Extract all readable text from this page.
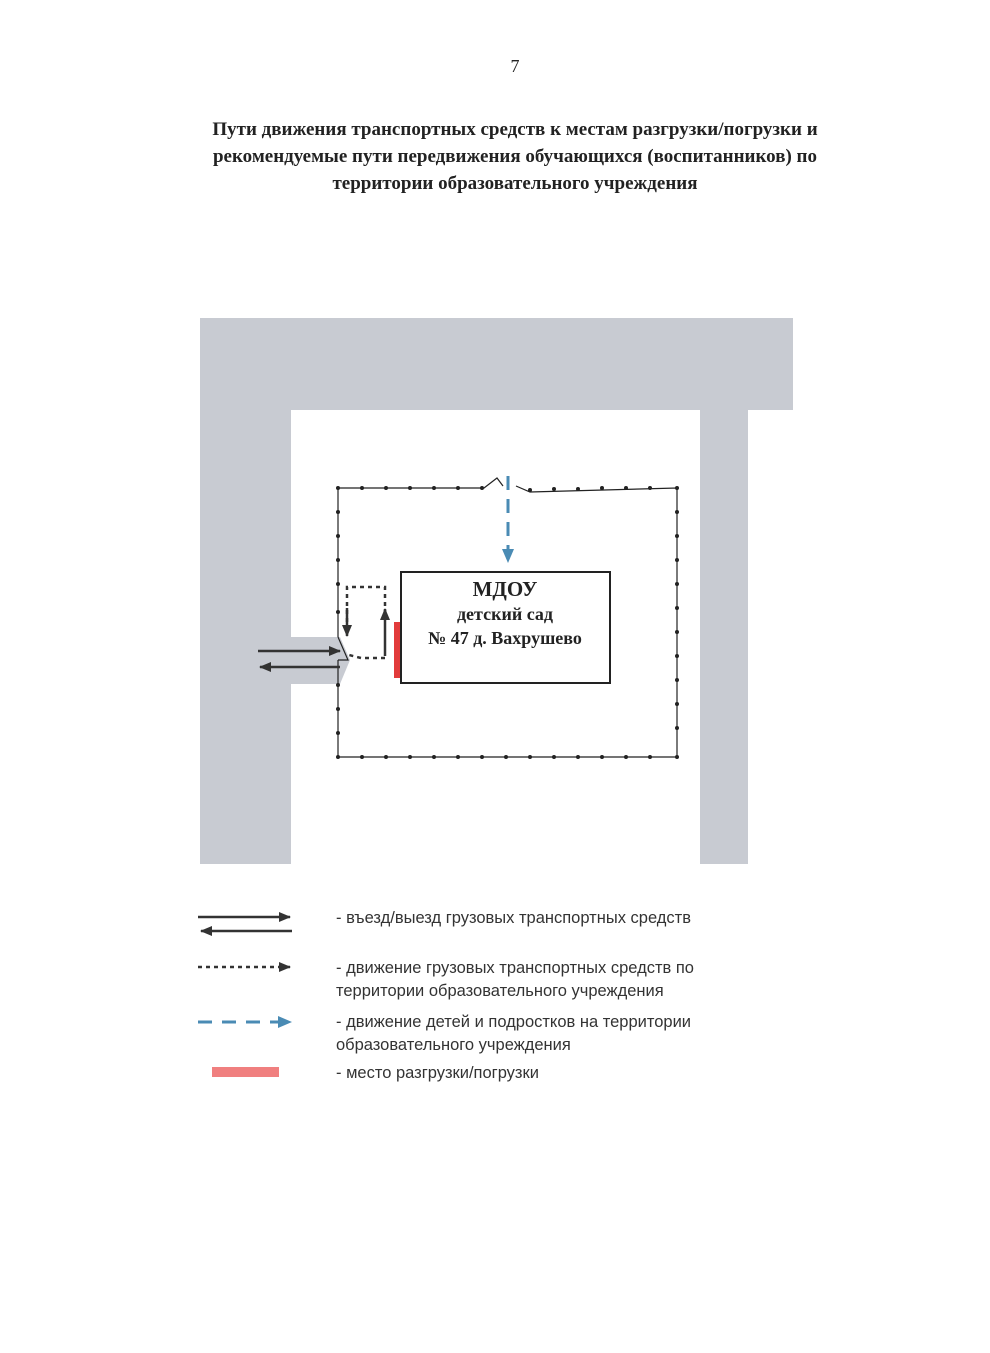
7
Пути движения транспортных средств к местам разгрузки/погрузки и
рекомендуемые пути передвижения обучающихся (воспитанников) по
территории образовательного учреждения
МДОУ
детский сад
№ 47 д. Вахрушево
- въезд/выезд грузовых транспортных средств
- движение грузовых транспортных средств по
территории образовательного учреждения
- движение детей и подростков на территории
образовательного учреждения
- место разгрузки/погрузки
